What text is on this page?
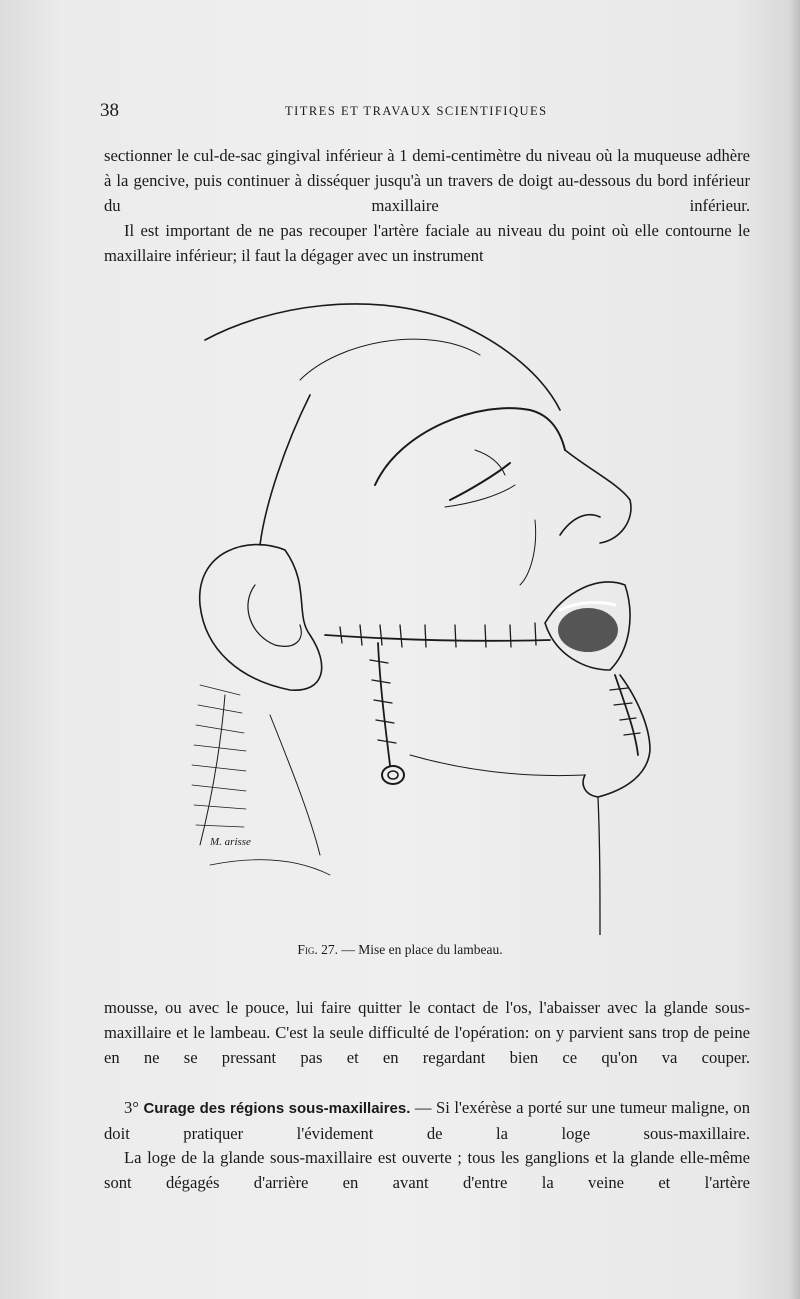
38	TITRES ET TRAVAUX SCIENTIFIQUES

sectionner le cul-de-sac gingival inférieur à 1 demi-centimètre du niveau où la muqueuse adhère à la gencive, puis continuer à disséquer jusqu'à un travers de doigt au-dessous du bord inférieur du maxillaire inférieur.

Il est important de ne pas recouper l'artère faciale au niveau du point où elle contourne le maxillaire inférieur; il faut la dégager avec un instrument

M. arisse
Fig. 27. — Mise en place du lambeau.

mousse, ou avec le pouce, lui faire quitter le contact de l'os, l'abaisser avec la glande sous-maxillaire et le lambeau. C'est la seule difficulté de l'opération: on y parvient sans trop de peine en ne se pressant pas et en regardant bien ce qu'on va couper.

3° Curage des régions sous-maxillaires. — Si l'exérèse a porté sur une tumeur maligne, on doit pratiquer l'évidement de la loge sous-maxillaire.

La loge de la glande sous-maxillaire est ouverte ; tous les ganglions et la glande elle-même sont dégagés d'arrière en avant d'entre la veine et l'artère
